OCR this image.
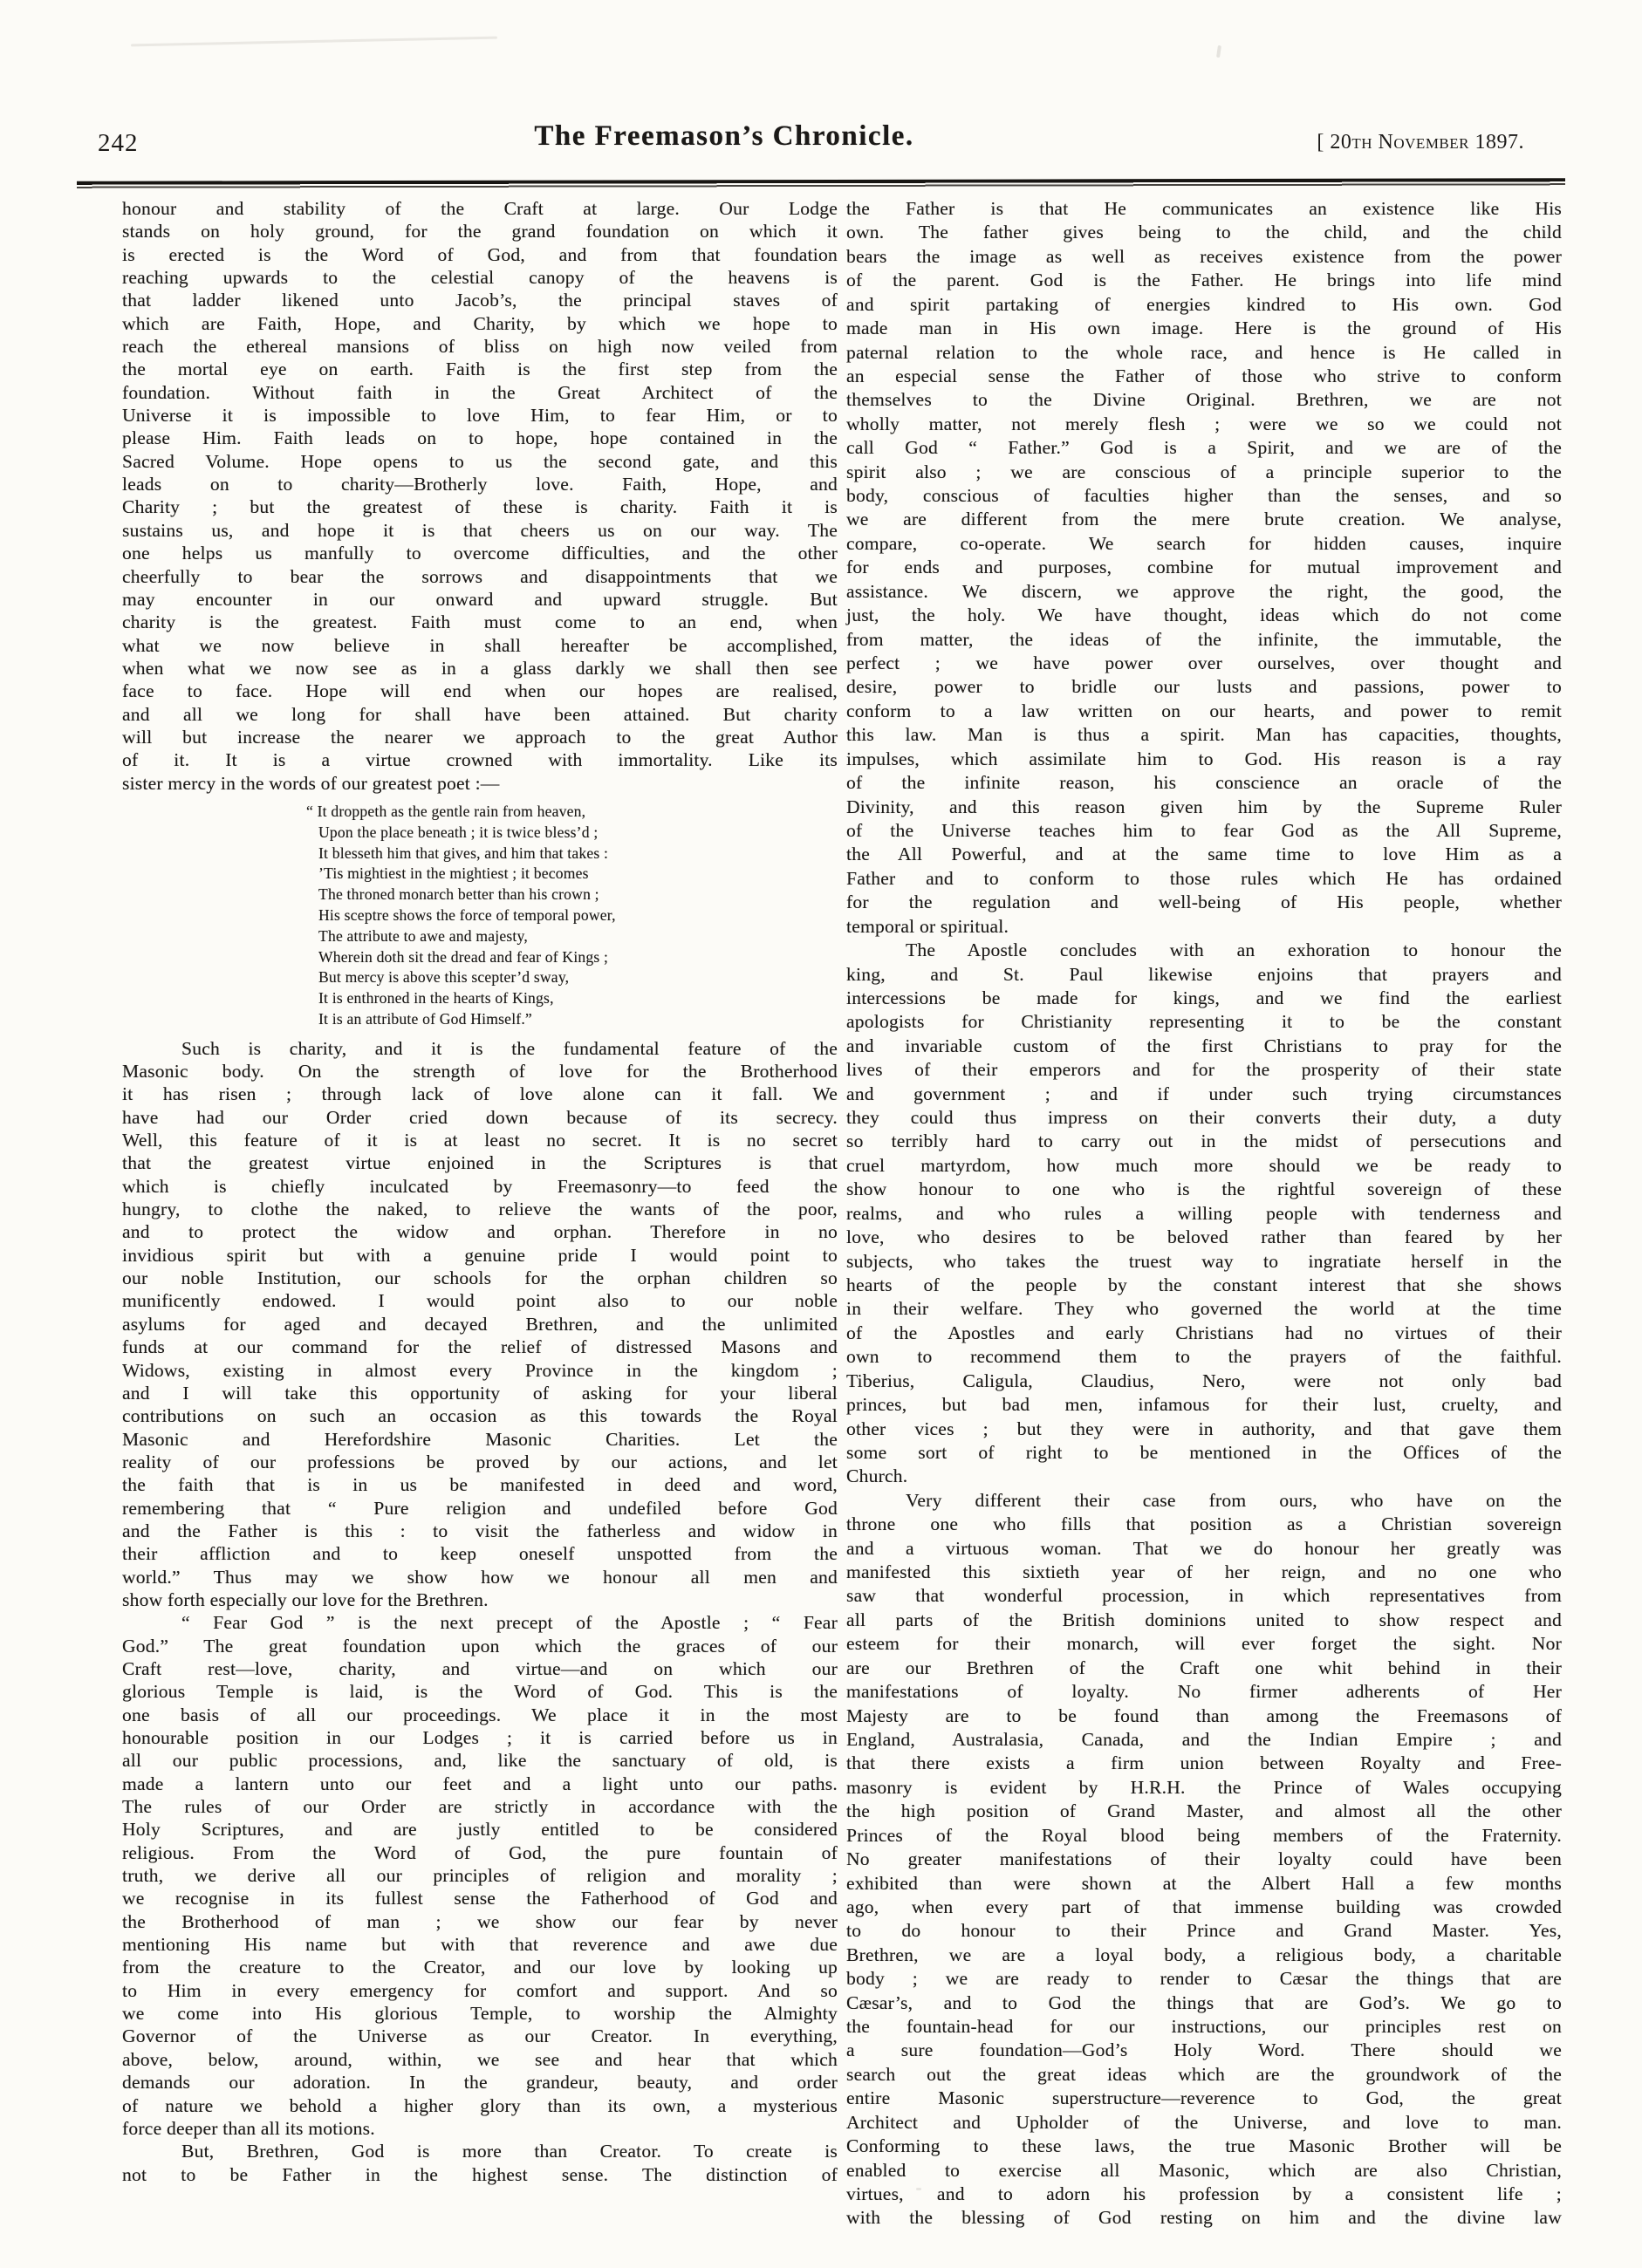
242	The Freemason’s Chronicle.	[ 20th November 1897.
honour and stability of the Craft at large. Our Lodge
stands on holy ground, for the grand foundation on which it
is erected is the Word of God, and from that foundation
reaching upwards to the celestial canopy of the heavens is
that ladder likened unto Jacob’s, the principal staves of
which are Faith, Hope, and Charity, by which we hope to
reach the ethereal mansions of bliss on high now veiled from
the mortal eye on earth. Faith is the first step from the
foundation. Without faith in the Great Architect of the
Universe it is impossible to love Him, to fear Him, or to
please Him. Faith leads on to hope, hope contained in the
Sacred Volume. Hope opens to us the second gate, and this
leads on to charity—Brotherly love. Faith, Hope, and
Charity ; but the greatest of these is charity. Faith it is
sustains us, and hope it is that cheers us on our way. The
one helps us manfully to overcome difficulties, and the other
cheerfully to bear the sorrows and disappointments that we
may encounter in our onward and upward struggle. But
charity is the greatest. Faith must come to an end, when
what we now believe in shall hereafter be accomplished,
when what we now see as in a glass darkly we shall then see
face to face. Hope will end when our hopes are realised,
and all we long for shall have been attained. But charity
will but increase the nearer we approach to the great Author
of it. It is a virtue crowned with immortality. Like its
sister mercy in the words of our greatest poet :—
“ It droppeth as the gentle rain from heaven,
Upon the place beneath ; it is twice bless’d ;
It blesseth him that gives, and him that takes :
’Tis mightiest in the mightiest ; it becomes
The throned monarch better than his crown ;
His sceptre shows the force of temporal power,
The attribute to awe and majesty,
Wherein doth sit the dread and fear of Kings ;
But mercy is above this scepter’d sway,
It is enthroned in the hearts of Kings,
It is an attribute of God Himself.”
Such is charity, and it is the fundamental feature of the
Masonic body. On the strength of love for the Brotherhood
it has risen ; through lack of love alone can it fall. We
have had our Order cried down because of its secrecy.
Well, this feature of it is at least no secret. It is no secret
that the greatest virtue enjoined in the Scriptures is that
which is chiefly inculcated by Freemasonry—to feed the
hungry, to clothe the naked, to relieve the wants of the poor,
and to protect the widow and orphan. Therefore in no
invidious spirit but with a genuine pride I would point to
our noble Institution, our schools for the orphan children so
munificently endowed. I would point also to our noble
asylums for aged and decayed Brethren, and the unlimited
funds at our command for the relief of distressed Masons and
Widows, existing in almost every Province in the kingdom ;
and I will take this opportunity of asking for your liberal
contributions on such an occasion as this towards the Royal
Masonic and Herefordshire Masonic Charities. Let the
reality of our professions be proved by our actions, and let
the faith that is in us be manifested in deed and word,
remembering that “ Pure religion and undefiled before God
and the Father is this : to visit the fatherless and widow in
their affliction and to keep oneself unspotted from the
world.” Thus may we show how we honour all men and
show forth especially our love for the Brethren.
“ Fear God ” is the next precept of the Apostle ; “ Fear
God.” The great foundation upon which the graces of our
Craft rest—love, charity, and virtue—and on which our
glorious Temple is laid, is the Word of God. This is the
one basis of all our proceedings. We place it in the most
honourable position in our Lodges ; it is carried before us in
all our public processions, and, like the sanctuary of old, is
made a lantern unto our feet and a light unto our paths.
The rules of our Order are strictly in accordance with the
Holy Scriptures, and are justly entitled to be considered
religious. From the Word of God, the pure fountain of
truth, we derive all our principles of religion and morality ;
we recognise in its fullest sense the Fatherhood of God and
the Brotherhood of man ; we show our fear by never
mentioning His name but with that reverence and awe due
from the creature to the Creator, and our love by looking up
to Him in every emergency for comfort and support. And so
we come into His glorious Temple, to worship the Almighty
Governor of the Universe as our Creator. In everything,
above, below, around, within, we see and hear that which
demands our adoration. In the grandeur, beauty, and order
of nature we behold a higher glory than its own, a mysterious
force deeper than all its motions.
But, Brethren, God is more than Creator. To create is
not to be Father in the highest sense. The distinction of
the Father is that He communicates an existence like His
own. The father gives being to the child, and the child
bears the image as well as receives existence from the power
of the parent. God is the Father. He brings into life mind
and spirit partaking of energies kindred to His own. God
made man in His own image. Here is the ground of His
paternal relation to the whole race, and hence is He called in
an especial sense the Father of those who strive to conform
themselves to the Divine Original. Brethren, we are not
wholly matter, not merely flesh ; were we so we could not
call God “ Father.” God is a Spirit, and we are of the
spirit also ; we are conscious of a principle superior to the
body, conscious of faculties higher than the senses, and so
we are different from the mere brute creation. We analyse,
compare, co-operate. We search for hidden causes, inquire
for ends and purposes, combine for mutual improvement and
assistance. We discern, we approve the right, the good, the
just, the holy. We have thought, ideas which do not come
from matter, the ideas of the infinite, the immutable, the
perfect ; we have power over ourselves, over thought and
desire, power to bridle our lusts and passions, power to
conform to a law written on our hearts, and power to remit
this law. Man is thus a spirit. Man has capacities, thoughts,
impulses, which assimilate him to God. His reason is a ray
of the infinite reason, his conscience an oracle of the
Divinity, and this reason given him by the Supreme Ruler
of the Universe teaches him to fear God as the All Supreme,
the All Powerful, and at the same time to love Him as a
Father and to conform to those rules which He has ordained
for the regulation and well-being of His people, whether
temporal or spiritual.
The Apostle concludes with an exhoration to honour the
king, and St. Paul likewise enjoins that prayers and
intercessions be made for kings, and we find the earliest
apologists for Christianity representing it to be the constant
and invariable custom of the first Christians to pray for the
lives of their emperors and for the prosperity of their state
and government ; and if under such trying circumstances
they could thus impress on their converts their duty, a duty
so terribly hard to carry out in the midst of persecutions and
cruel martyrdom, how much more should we be ready to
show honour to one who is the rightful sovereign of these
realms, and who rules a willing people with tenderness and
love, who desires to be beloved rather than feared by her
subjects, who takes the truest way to ingratiate herself in the
hearts of the people by the constant interest that she shows
in their welfare. They who governed the world at the time
of the Apostles and early Christians had no virtues of their
own to recommend them to the prayers of the faithful.
Tiberius, Caligula, Claudius, Nero, were not only bad
princes, but bad men, infamous for their lust, cruelty, and
other vices ; but they were in authority, and that gave them
some sort of right to be mentioned in the Offices of the
Church.
Very different their case from ours, who have on the
throne one who fills that position as a Christian sovereign
and a virtuous woman. That we do honour her greatly was
manifested this sixtieth year of her reign, and no one who
saw that wonderful procession, in which representatives from
all parts of the British dominions united to show respect and
esteem for their monarch, will ever forget the sight. Nor
are our Brethren of the Craft one whit behind in their
manifestations of loyalty. No firmer adherents of Her
Majesty are to be found than among the Freemasons of
England, Australasia, Canada, and the Indian Empire ; and
that there exists a firm union between Royalty and Free-
masonry is evident by H.R.H. the Prince of Wales occupying
the high position of Grand Master, and almost all the other
Princes of the Royal blood being members of the Fraternity.
No greater manifestations of their loyalty could have been
exhibited than were shown at the Albert Hall a few months
ago, when every part of that immense building was crowded
to do honour to their Prince and Grand Master. Yes,
Brethren, we are a loyal body, a religious body, a charitable
body ; we are ready to render to Cæsar the things that are
Cæsar’s, and to God the things that are God’s. We go to
the fountain-head for our instructions, our principles rest on
a sure foundation—God’s Holy Word. There should we
search out the great ideas which are the groundwork of the
entire Masonic superstructure—reverence to God, the great
Architect and Upholder of the Universe, and love to man.
Conforming to these laws, the true Masonic Brother will be
enabled to exercise all Masonic, which are also Christian,
virtues, and to adorn his profession by a consistent life ;
with the blessing of God resting on him and the divine law
